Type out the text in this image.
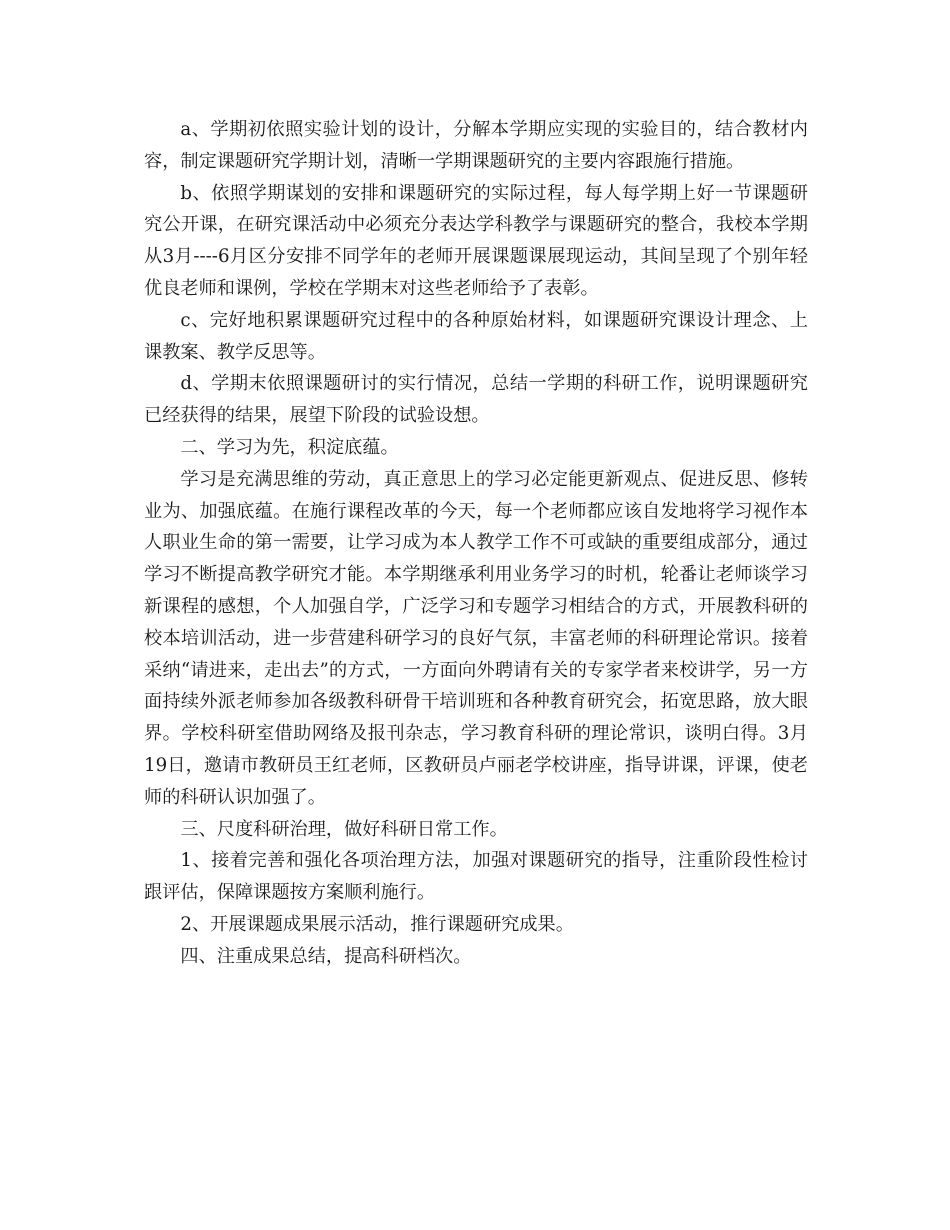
a、学期初依照实验计划的设计，分解本学期应实现的实验目的，结合教材内容，制定课题研究学期计划，清晰一学期课题研究的主要内容跟施行措施。

b、依照学期谋划的安排和课题研究的实际过程，每人每学期上好一节课题研究公开课，在研究课活动中必须充分表达学科教学与课题研究的整合，我校本学期从3月----6月区分安排不同学年的老师开展课题课展现运动，其间呈现了个别年轻优良老师和课例，学校在学期末对这些老师给予了表彰。

c、完好地积累课题研究过程中的各种原始材料，如课题研究课设计理念、上课教案、教学反思等。

d、学期末依照课题研讨的实行情况，总结一学期的科研工作，说明课题研究已经获得的结果，展望下阶段的试验设想。

二、学习为先，积淀底蕴。

学习是充满思维的劳动，真正意思上的学习必定能更新观点、促进反思、修转业为、加强底蕴。在施行课程改革的今天，每一个老师都应该自发地将学习视作本人职业生命的第一需要，让学习成为本人教学工作不可或缺的重要组成部分，通过学习不断提高教学研究才能。本学期继承利用业务学习的时机，轮番让老师谈学习新课程的感想，个人加强自学，广泛学习和专题学习相结合的方式，开展教科研的校本培训活动，进一步营建科研学习的良好气氛，丰富老师的科研理论常识。接着采纳“请进来，走出去”的方式，一方面向外聘请有关的专家学者来校讲学，另一方面持续外派老师参加各级教科研骨干培训班和各种教育研究会，拓宽思路，放大眼界。学校科研室借助网络及报刊杂志，学习教育科研的理论常识，谈明白得。3月19日，邀请市教研员王红老师，区教研员卢丽老学校讲座，指导讲课，评课，使老师的科研认识加强了。

三、尺度科研治理，做好科研日常工作。

1、接着完善和强化各项治理方法，加强对课题研究的指导，注重阶段性检讨跟评估，保障课题按方案顺利施行。

2、开展课题成果展示活动，推行课题研究成果。

四、注重成果总结，提高科研档次。
